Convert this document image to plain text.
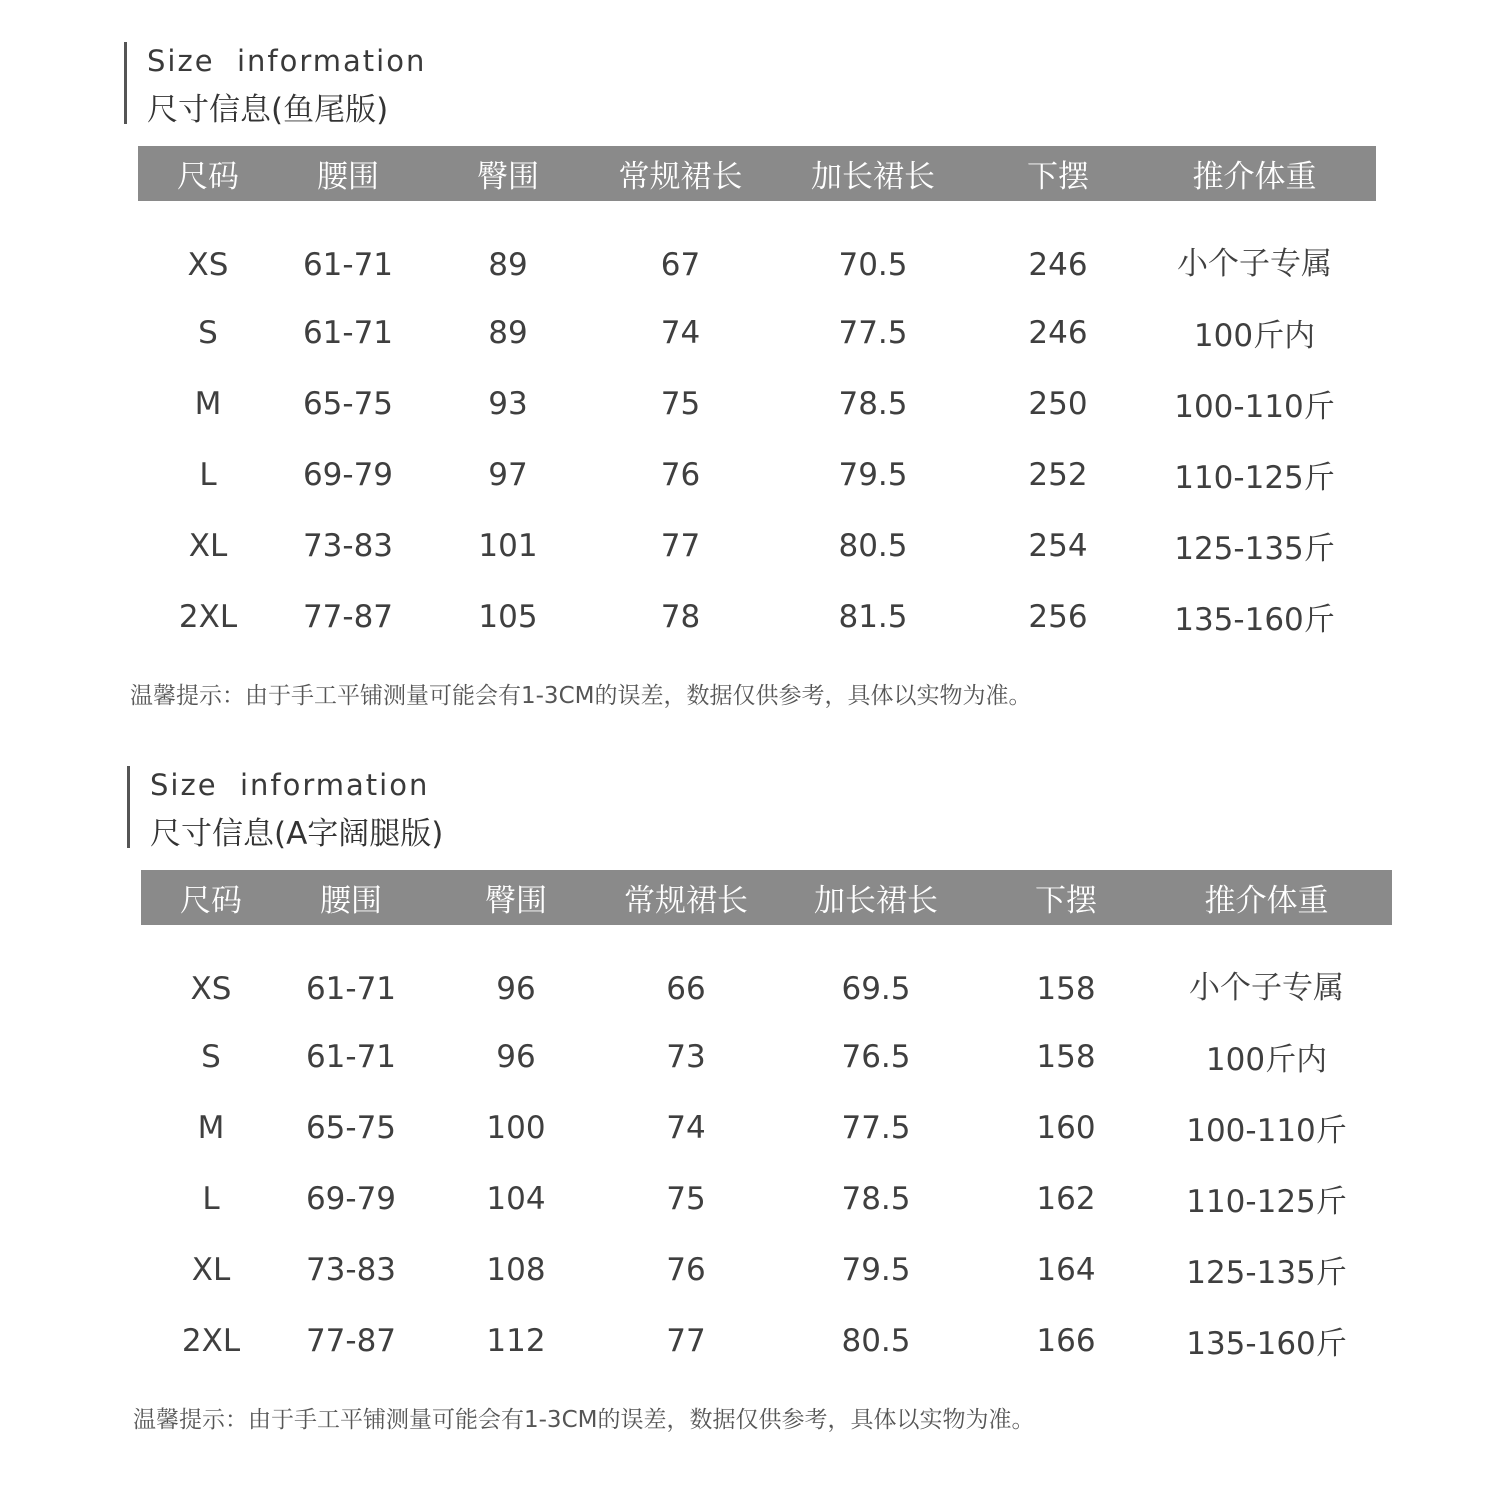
Size  information
尺寸信息(鱼尾版)
尺码	腰围	臀围	常规裙长	加长裙长	下摆	推介体重
XS	61-71	89	67	70.5	246	小个子专属
S	61-71	89	74	77.5	246	100斤内
M	65-75	93	75	78.5	250	100-110斤
L	69-79	97	76	79.5	252	110-125斤
XL	73-83	101	77	80.5	254	125-135斤
2XL	77-87	105	78	81.5	256	135-160斤
温馨提示：由于手工平铺测量可能会有1-3CM的误差，数据仅供参考，具体以实物为准。
Size  information
尺寸信息(A字阔腿版)
尺码	腰围	臀围	常规裙长	加长裙长	下摆	推介体重
XS	61-71	96	66	69.5	158	小个子专属
S	61-71	96	73	76.5	158	100斤内
M	65-75	100	74	77.5	160	100-110斤
L	69-79	104	75	78.5	162	110-125斤
XL	73-83	108	76	79.5	164	125-135斤
2XL	77-87	112	77	80.5	166	135-160斤
温馨提示：由于手工平铺测量可能会有1-3CM的误差，数据仅供参考，具体以实物为准。
